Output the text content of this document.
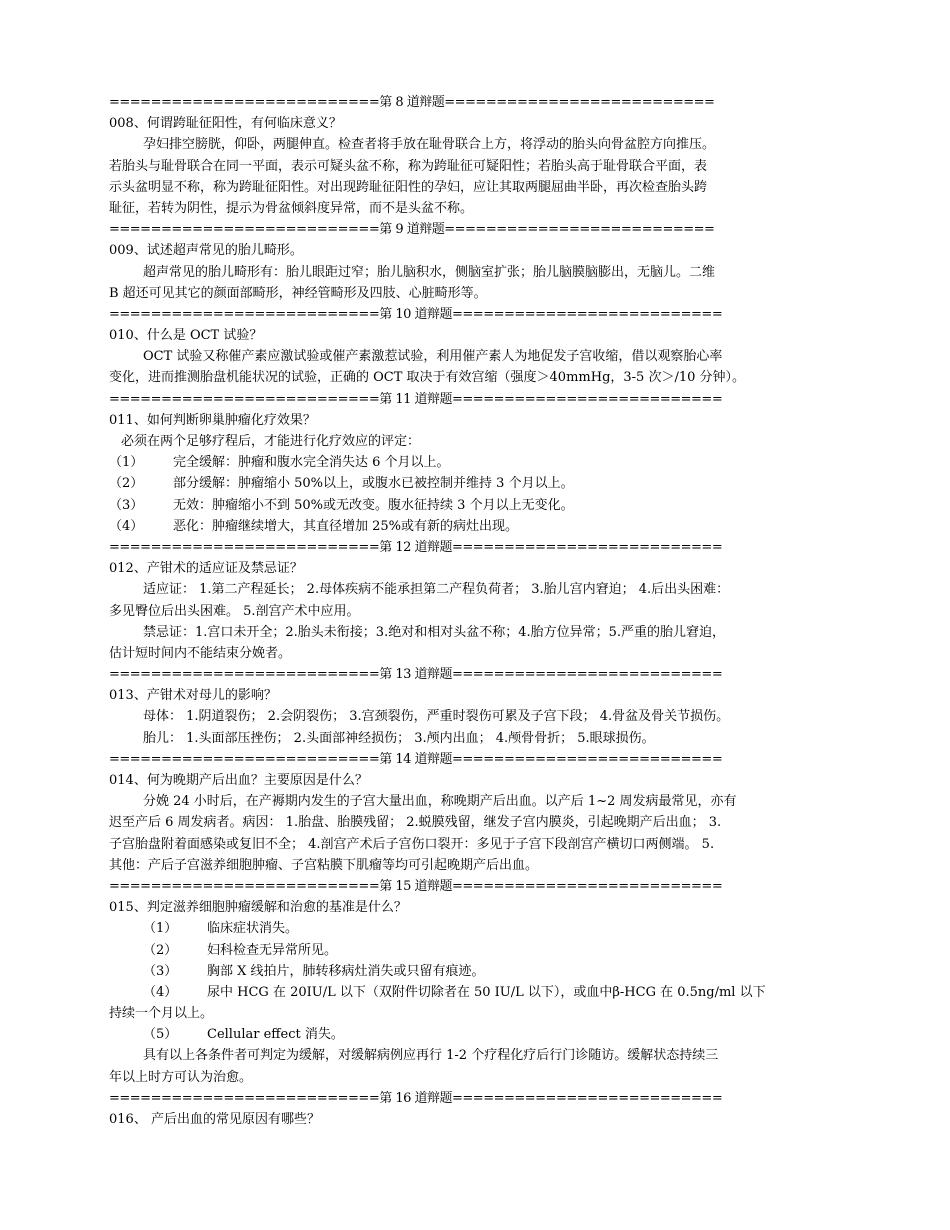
==========================第 8 道辩题==========================
008、何谓跨耻征阳性，有何临床意义？
孕妇排空膀胱，仰卧，两腿伸直。检查者将手放在耻骨联合上方，将浮动的胎头向骨盆腔方向推压。
若胎头与耻骨联合在同一平面，表示可疑头盆不称，称为跨耻征可疑阳性；若胎头高于耻骨联合平面，表
示头盆明显不称，称为跨耻征阳性。对出现跨耻征阳性的孕妇，应让其取两腿屈曲半卧，再次检查胎头跨
耻征，若转为阴性，提示为骨盆倾斜度异常，而不是头盆不称。
==========================第 9 道辩题==========================
009、试述超声常见的胎儿畸形。
超声常见的胎儿畸形有：胎儿眼距过窄；胎儿脑积水，侧脑室扩张；胎儿脑膜脑膨出，无脑儿。二维
B 超还可见其它的颜面部畸形，神经管畸形及四肢、心脏畸形等。
==========================第 10 道辩题==========================
010、什么是 OCT 试验？
OCT 试验又称催产素应激试验或催产素激惹试验，利用催产素人为地促发子宫收缩，借以观察胎心率
变化，进而推测胎盘机能状况的试验，正确的 OCT 取决于有效宫缩（强度＞40mmHg，3-5 次＞/10 分钟）。
==========================第 11 道辩题==========================
011、如何判断卵巢肿瘤化疗效果？
必须在两个足够疗程后，才能进行化疗效应的评定：
（1） 完全缓解：肿瘤和腹水完全消失达 6 个月以上。
（2） 部分缓解：肿瘤缩小 50%以上，或腹水已被控制并维持 3 个月以上。
（3） 无效：肿瘤缩小不到 50%或无改变。腹水征持续 3 个月以上无变化。
（4） 恶化：肿瘤继续增大，其直径增加 25%或有新的病灶出现。
==========================第 12 道辩题==========================
012、产钳术的适应证及禁忌证？
适应证： 1.第二产程延长； 2.母体疾病不能承担第二产程负荷者； 3.胎儿宫内窘迫； 4.后出头困难：
多见臀位后出头困难。 5.剖宫产术中应用。
禁忌证：1.宫口未开全；2.胎头未衔接；3.绝对和相对头盆不称；4.胎方位异常；5.严重的胎儿窘迫，
估计短时间内不能结束分娩者。
==========================第 13 道辩题==========================
013、产钳术对母儿的影响？
母体： 1.阴道裂伤； 2.会阴裂伤； 3.宫颈裂伤，严重时裂伤可累及子宫下段； 4.骨盆及骨关节损伤。
胎儿： 1.头面部压挫伤； 2.头面部神经损伤； 3.颅内出血； 4.颅骨骨折； 5.眼球损伤。
==========================第 14 道辩题==========================
014、何为晚期产后出血？主要原因是什么？
分娩 24 小时后，在产褥期内发生的子宫大量出血，称晚期产后出血。以产后 1~2 周发病最常见，亦有
迟至产后 6 周发病者。病因： 1.胎盘、胎膜残留； 2.蜕膜残留，继发子宫内膜炎，引起晚期产后出血； 3.
子宫胎盘附着面感染或复旧不全； 4.剖宫产术后子宫伤口裂开：多见于子宫下段剖宫产横切口两侧端。 5.
其他：产后子宫滋养细胞肿瘤、子宫粘膜下肌瘤等均可引起晚期产后出血。
==========================第 15 道辩题==========================
015、判定滋养细胞肿瘤缓解和治愈的基准是什么？
（1） 临床症状消失。
（2） 妇科检查无异常所见。
（3） 胸部 X 线拍片，肺转移病灶消失或只留有痕迹。
（4） 尿中 HCG 在 20IU/L 以下（双附件切除者在 50 IU/L 以下），或血中β-HCG 在 0.5ng/ml 以下
持续一个月以上。
（5） Cellular effect 消失。
具有以上各条件者可判定为缓解，对缓解病例应再行 1-2 个疗程化疗后行门诊随访。缓解状态持续三
年以上时方可认为治愈。
==========================第 16 道辩题==========================
016、 产后出血的常见原因有哪些？
